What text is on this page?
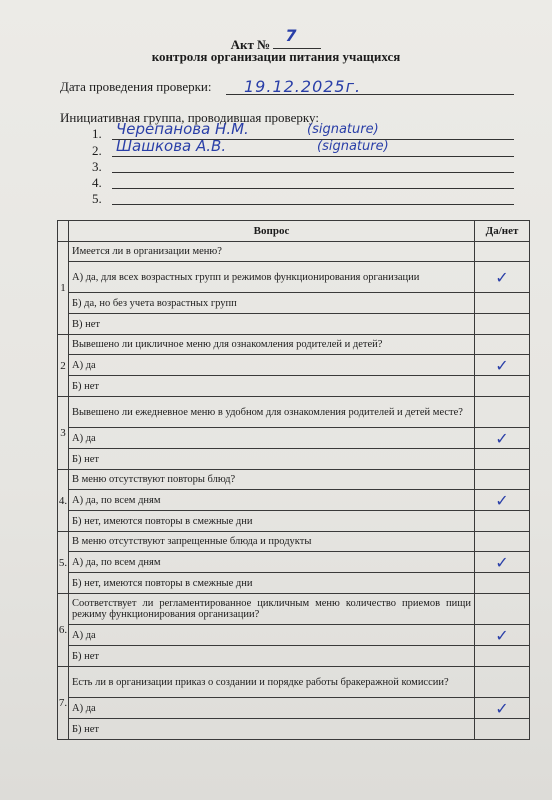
Акт № 7
контроля организации питания учащихся
Дата проведения проверки: 19.12.2025г.
Инициативная группа, проводившая проверку:
1. Черепанова Н.М.	(signature)
2. Шашкова А.В.	(signature)
3.
4.
5.
	Вопрос	Да/нет
1	Имеется ли в организации меню?	
	А) да, для всех возрастных групп и режимов функционирования организации	✓
	Б) да, но без учета возрастных групп	
	В) нет	
2	Вывешено ли цикличное меню для ознакомления родителей и детей?	
	А) да	✓
	Б) нет	
3	Вывешено ли ежедневное меню в удобном для ознакомления родителей и детей месте?	
	А) да	✓
	Б) нет	
4.	В меню отсутствуют повторы блюд?	
	А) да, по всем дням	✓
	Б) нет, имеются повторы в смежные дни	
5.	В меню отсутствуют запрещенные блюда и продукты	
	А) да, по всем дням	✓
	Б) нет, имеются повторы в смежные дни	
6.	Соответствует ли регламентированное цикличным меню количество приемов пищи режиму функционирования организации?	
	А) да	✓
	Б) нет	
7.	Есть ли в организации приказ о создании и порядке работы бракеражной комиссии?	
	А) да	✓
	Б) нет	
